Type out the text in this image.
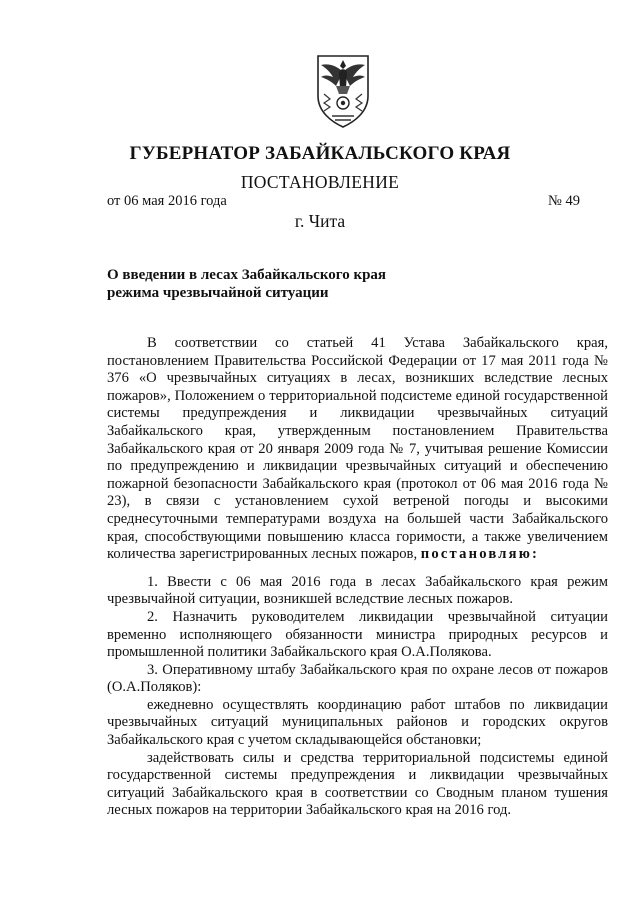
ГУБЕРНАТОР ЗАБАЙКАЛЬСКОГО КРАЯ
ПОСТАНОВЛЕНИЕ
от 06 мая 2016 года	№ 49
г. Чита
О введении в лесах Забайкальского края
режима чрезвычайной ситуации

В соответствии со статьей 41 Устава Забайкальского края, постановлением Правительства Российской Федерации от 17 мая 2011 года № 376 «О чрезвычайных ситуациях в лесах, возникших вследствие лесных пожаров», Положением о территориальной подсистеме единой государственной системы предупреждения и ликвидации чрезвычайных ситуаций Забайкальского края, утвержденным постановлением Правительства Забайкальского края от 20 января 2009 года № 7, учитывая решение Комиссии по предупреждению и ликвидации чрезвычайных ситуаций и обеспечению пожарной безопасности Забайкальского края (протокол от 06 мая 2016 года № 23), в связи с установлением сухой ветреной погоды и высокими среднесуточными температурами воздуха на большей части Забайкальского края, способствующими повышению класса горимости, а также увеличением количества зарегистрированных лесных пожаров, постановляю:

1. Ввести с 06 мая 2016 года в лесах Забайкальского края режим чрезвычайной ситуации, возникшей вследствие лесных пожаров.

2. Назначить руководителем ликвидации чрезвычайной ситуации временно исполняющего обязанности министра природных ресурсов и промышленной политики Забайкальского края О.А.Полякова.

3. Оперативному штабу Забайкальского края по охране лесов от пожаров (О.А.Поляков):

ежедневно осуществлять координацию работ штабов по ликвидации чрезвычайных ситуаций муниципальных районов и городских округов Забайкальского края с учетом складывающейся обстановки;

задействовать силы и средства территориальной подсистемы единой государственной системы предупреждения и ликвидации чрезвычайных ситуаций Забайкальского края в соответствии со Сводным планом тушения лесных пожаров на территории Забайкальского края на 2016 год.
